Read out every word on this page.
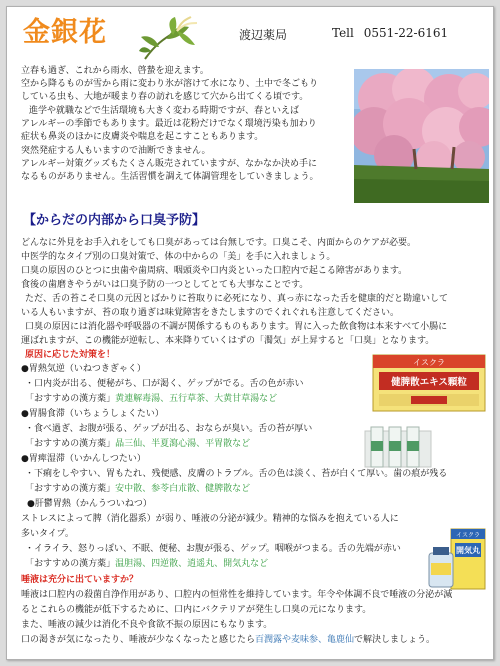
金銀花	渡辺薬局	Tell 0551-22-6161
立春も過ぎ、これから雨水、啓蟄を迎えます。
空から降るものが雪から雨に変わり氷が溶けて水になり、土中で冬ごもり
している虫も、大地が暖まり春の訪れを感じて穴から出てくる頃です。
進学や就職などで生活環境も大きく変わる時期ですが、春といえば
アレルギーの季節でもあります。最近は花粉だけでなく環境汚染も加わり
症状も鼻炎のほかに皮膚炎や喘息を起こすこともあります。
突然発症する人もいますので油断できません。
アレルギー対策グッズもたくさん販売されていますが、なかなか決め手に
なるものがありません。生活習慣を調えて体調管理をしていきましょう。
【からだの内部から口臭予防】
どんなに外見をお手入れをしても口臭があっては台無しです。口臭こそ、内面からのケアが必要。
中医学的なタイプ別の口臭対策で、体の中からの「美」を手に入れましょう。
口臭の原因のひとつに虫歯や歯周病、咽頭炎や口内炎といった口腔内で起こる障害があります。
食後の歯磨きやうがいは口臭予防の一つとしてとても大事なことです。
ただ、舌の苔こそ口臭の元因とばかりに苔取りに必死になり、真っ赤になった舌を健康的だと勘違いして
いる人もいますが、苔の取り過ぎは味覚障害をきたしますのでくれぐれも注意してください。
口臭の原因には消化器や呼吸器の不調が関係するものもあります。胃に入った飲食物は本来すべて小腸に
運ばれますが、この機能が逆転し、本来降りていくはずの「濁気」が上昇すると「口臭」となります。
原因に応じた対策を！
●胃熱気逆（いねつきぎゃく）
・口内炎が出る、便秘がち、口が渇く、ゲップがでる。舌の色が赤い
「おすすめの漢方薬」黄連解毒湯、五行草茶、大黄甘草湯など
●胃腸食滞（いちょうしょくたい）
・食べ過ぎ、お腹が張る、ゲップが出る、おならが臭い。舌の苔が厚い
「おすすめの漢方薬」晶三仙、半夏瀉心湯、平胃散など
●胃痺湿滞（いかんしつたい）
・下痢をしやすい、胃もたれ、残便感、皮膚のトラブル。舌の色は淡く、苔が白くて厚い。歯の痕が残る
「おすすめの漢方薬」安中散、参苓白朮散、健脾散など
●肝鬱胃熱（かんうついねつ）
ストレスによって脾（消化器系）が弱り、唾液の分泌が減少。精神的な悩みを抱えている人に
多いタイプ。
・イライラ、怒りっぽい、不眠、便秘、お腹が張る、ゲップ。咽喉がつまる。舌の先端が赤い
「おすすめの漢方薬」温胆湯、四逆散、逍遥丸、開気丸など
唾液は充分に出ていますか？
唾液は口腔内の殺菌自浄作用があり、口腔内の恒常性を維持しています。年令や体調不良で唾液の分泌が減
るとこれらの機能が低下するために、口内にバクテリアが発生し口臭の元になります。
また、唾液の減少は消化不良や食欲不振の原因にもなります。
口の渇きが気になったり、唾液が少なくなったと感じたら百潤露や麦味参、亀鹿仙で解決しましょう。
イスクラ
健脾散エキス顆粒
イスクラ
開気丸
